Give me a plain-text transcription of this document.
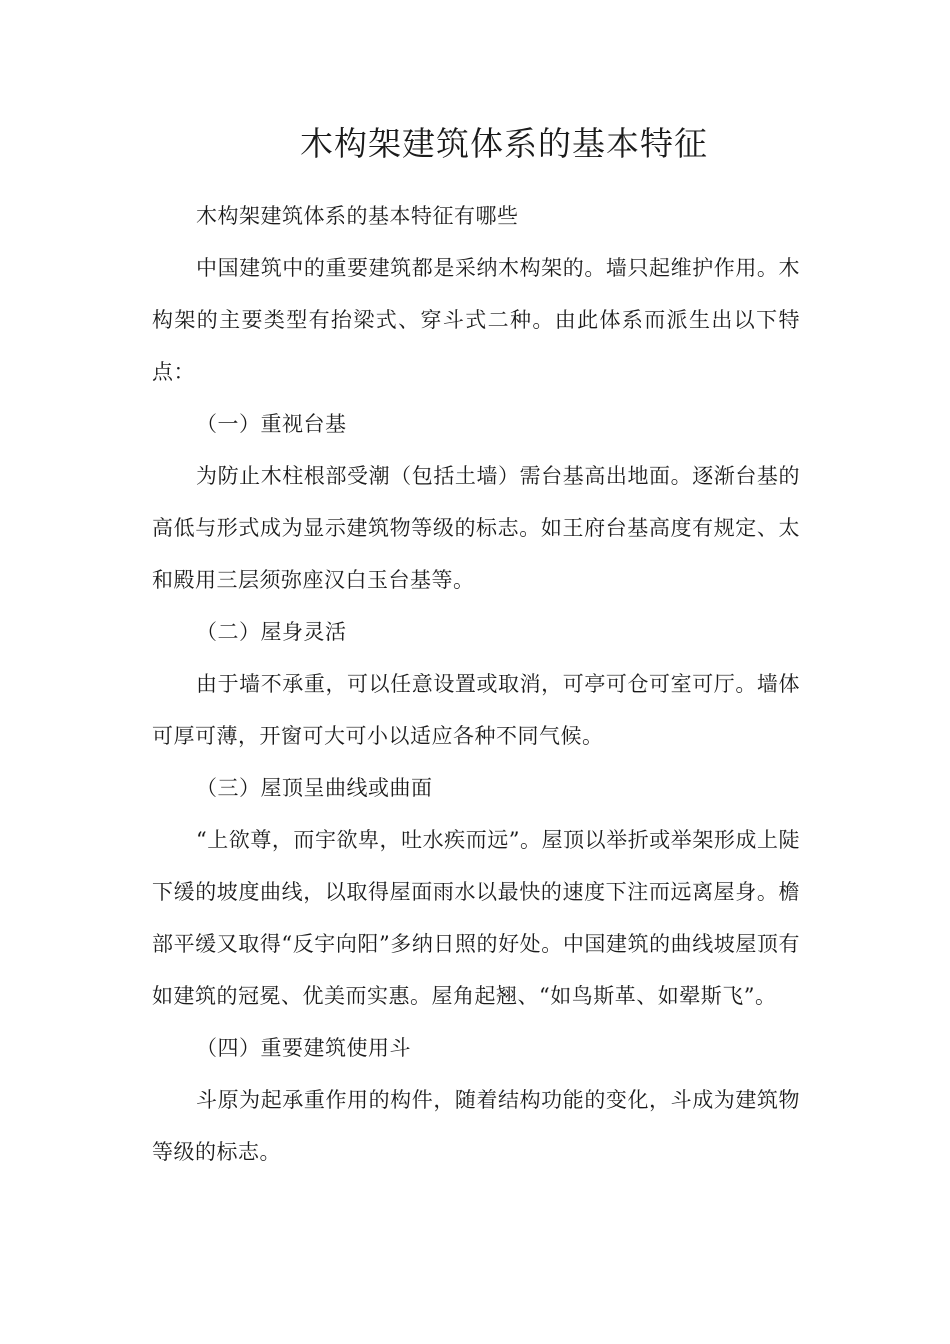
木构架建筑体系的基本特征

木构架建筑体系的基本特征有哪些

中国建筑中的重要建筑都是采纳木构架的。墙只起维护作用。木构架的主要类型有抬梁式、穿斗式二种。由此体系而派生出以下特点：

（一）重视台基

为防止木柱根部受潮（包括土墙）需台基高出地面。逐渐台基的高低与形式成为显示建筑物等级的标志。如王府台基高度有规定、太和殿用三层须弥座汉白玉台基等。

（二）屋身灵活

由于墙不承重，可以任意设置或取消，可亭可仓可室可厅。墙体可厚可薄，开窗可大可小以适应各种不同气候。

（三）屋顶呈曲线或曲面

“上欲尊，而宇欲卑，吐水疾而远”。屋顶以举折或举架形成上陡下缓的坡度曲线，以取得屋面雨水以最快的速度下注而远离屋身。檐部平缓又取得“反宇向阳”多纳日照的好处。中国建筑的曲线坡屋顶有如建筑的冠冕、优美而实惠。屋角起翘、“如鸟斯革、如翚斯飞”。

（四）重要建筑使用斗

斗原为起承重作用的构件，随着结构功能的变化，斗成为建筑物等级的标志。
